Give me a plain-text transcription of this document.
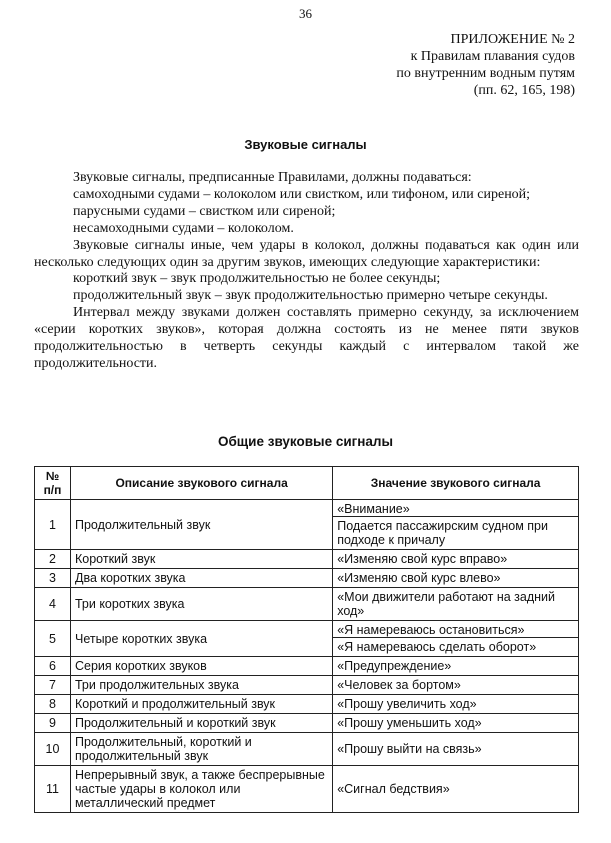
36
ПРИЛОЖЕНИЕ № 2
к Правилам плавания судов
по внутренним водным путям
(пп. 62, 165, 198)
Звуковые сигналы

Звуковые сигналы, предписанные Правилами, должны подаваться:

самоходными судами – колоколом или свистком, или тифоном, или сиреной;

парусными судами – свистком или сиреной;

несамоходными судами – колоколом.

Звуковые сигналы иные, чем удары в колокол, должны подаваться как один или несколько следующих один за другим звуков, имеющих следующие характеристики:

короткий звук – звук продолжительностью не более секунды;

продолжительный звук – звук продолжительностью примерно четыре секунды.

Интервал между звуками должен составлять примерно секунду, за исключением «серии коротких звуков», которая должна состоять из не менее пяти звуков продолжительностью в четверть секунды каждый с интервалом такой же продолжительности.

Общие звуковые сигналы
№ п/п	Описание звукового сигнала	Значение звукового сигнала
1	Продолжительный звук	«Внимание»
Подается пассажирским судном при подходе к причалу

2	Короткий звук	«Изменяю свой курс вправо»

3	Два коротких звука	«Изменяю свой курс влево»

4	Три коротких звука	«Мои движители работают на задний ход»

5	Четыре коротких звука	«Я намереваюсь остановиться»
«Я намереваюсь сделать оборот»

6	Серия коротких звуков	«Предупреждение»

7	Три продолжительных звука	«Человек за бортом»

8	Короткий и продолжительный звук	«Прошу увеличить ход»

9	Продолжительный и короткий звук	«Прошу уменьшить ход»

10	Продолжительный, короткий и продолжительный звук	«Прошу выйти на связь»

11	Непрерывный звук, а также беспрерывные частые удары в колокол или металлический предмет	«Сигнал бедствия»
